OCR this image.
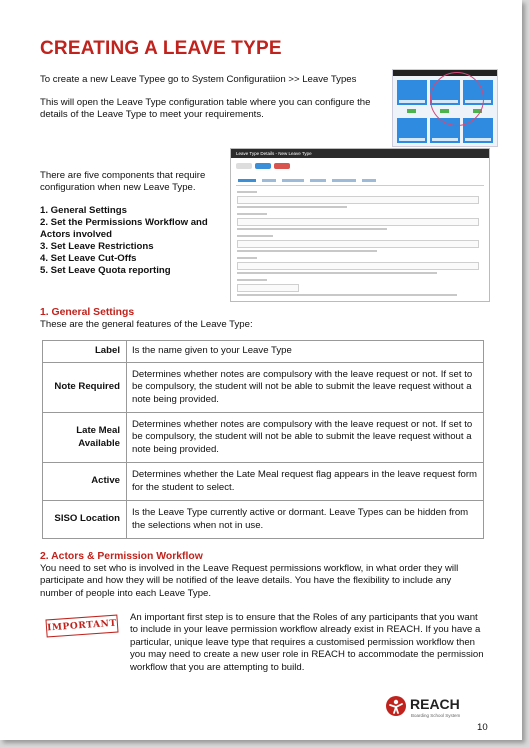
CREATING A LEAVE TYPE
To create a new Leave Typee go to System Configuratiion >> Leave Types
This will open the Leave Type configuration table where you can configure the
details of the Leave Type to meet your requirements.
There are five components that require
configuration when new Leave Type.
1. General Settings
2. Set the Permissions Workflow and
Actors involved
3. Set Leave Restrictions
4. Set Leave Cut-Offs
5. Set Leave Quota reporting
Leave Type Details - New Leave Type
1. General Settings
These are the general features of the Leave Type:
Label	Is the name given to your Leave Type
Note Required	Determines whether notes are compulsory with the leave request or not. If set to be compulsory, the student will not be able to submit the leave request without a note being provided.
Late Meal Available	Determines whether notes are compulsory with the leave request or not. If set to be compulsory, the student will not be able to submit the leave request without a note being provided.
Active	Determines whether the Late Meal request flag appears in the leave request form for the student to select.
SISO Location	Is the Leave Type currently active or dormant. Leave Types can be hidden from the selections when not in use.
2. Actors & Permission Workflow
You need to set who is involved in the Leave Request permissions workflow, in what order they will participate and how they will be notified of the leave details. You have the flexibility to include any number of people into each Leave Type.
IMPORTANT
An important first step is to ensure that the Roles of any participants that you want to include in your leave permission workflow already exist in REACH. If you have a particular, unique leave type that requires a customised permission workflow then you may need to create a new user role in REACH to accommodate the permission workflow that you are attempting to build.
REACH
Boarding School System
10
